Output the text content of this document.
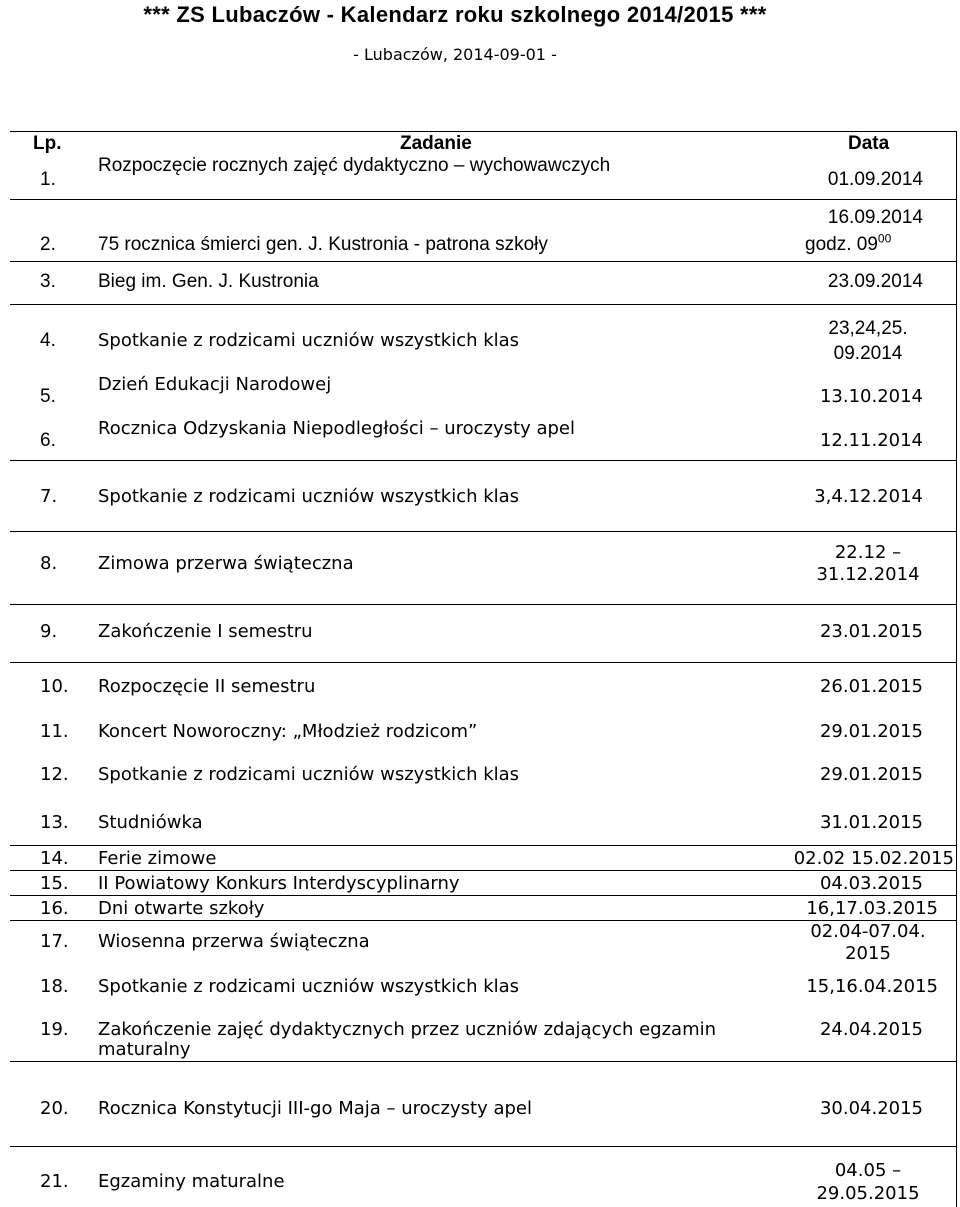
*** ZS Lubaczów - Kalendarz roku szkolnego 2014/2015 ***
- Lubaczów, 2014-09-01 -
Lp.	Zadanie	Data
1.
Rozpoczęcie rocznych zajęć dydaktyczno – wychowawczych
01.09.2014
2. 75 rocznica śmierci gen. J. Kustronia - patrona szkoły
16.09.2014
godz. $09^{00}$
3. Bieg im. Gen. J. Kustronia	23.09.2014
4. Spotkanie z rodzicami uczniów wszystkich klas
23,24,25.
09.2014
5.
Dzień Edukacji Narodowej
13.10.2014
6.
Rocznica Odzyskania Niepodległości – uroczysty apel
12.11.2014
7. Spotkanie z rodzicami uczniów wszystkich klas	3,4.12.2014
8. Zimowa przerwa świąteczna
22.12 –
31.12.2014
9. Zakończenie I semestru	23.01.2015
10. Rozpoczęcie II semestru	26.01.2015
11. Koncert Noworoczny: „Młodzież rodzicom”	29.01.2015
12. Spotkanie z rodzicami uczniów wszystkich klas	29.01.2015
13. Studniówka	31.01.2015
14. Ferie zimowe	02.02 15.02.2015
15. II Powiatowy Konkurs Interdyscyplinarny	04.03.2015
16. Dni otwarte szkoły	16,17.03.2015
17. Wiosenna przerwa świąteczna	02.04-07.04.
2015
18. Spotkanie z rodzicami uczniów wszystkich klas	15,16.04.2015
19. Zakończenie zajęć dydaktycznych przez uczniów zdających egzamin
maturalny
24.04.2015
20. Rocznica Konstytucji III-go Maja – uroczysty apel	30.04.2015
21. Egzaminy maturalne
04.05 –
29.05.2015
